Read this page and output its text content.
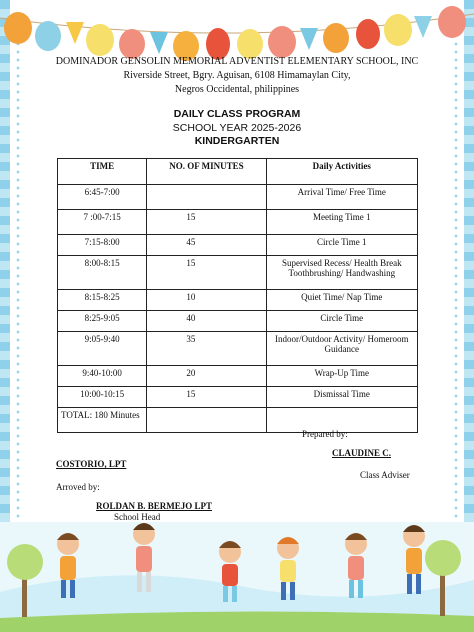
DOMINADOR GENSOLIN MEMORIAL ADVENTIST ELEMENTARY SCHOOL, INC
Riverside Street, Bgry. Aguisan, 6108 Himamaylan City,
Negros Occidental, philippines
DAILY CLASS PROGRAM
SCHOOL YEAR 2025-2026
KINDERGARTEN
TIME	NO. OF MINUTES	Daily Activities
6:45-7:00		Arrival Time/ Free Time
7 :00-7:15	15	Meeting Time 1
7:15-8:00	45	Circle Time 1
8:00-8:15	15	Supervised Recess/ Health Break Toothbrushing/ Handwashing
8:15-8:25	10	Quiet Time/ Nap Time
8:25-9:05	40	Circle Time
9:05-9:40	35	Indoor/Outdoor Activity/ Homeroom Guidance
9:40-10:00	20	Wrap-Up Time
10:00-10:15	15	Dismissal Time
TOTAL: 180 Minutes		
Prepared by:
CLAUDINE C.
COSTORIO, LPT
Class Adviser
Arroved by:
ROLDAN B. BERMEJO LPT
School Head
